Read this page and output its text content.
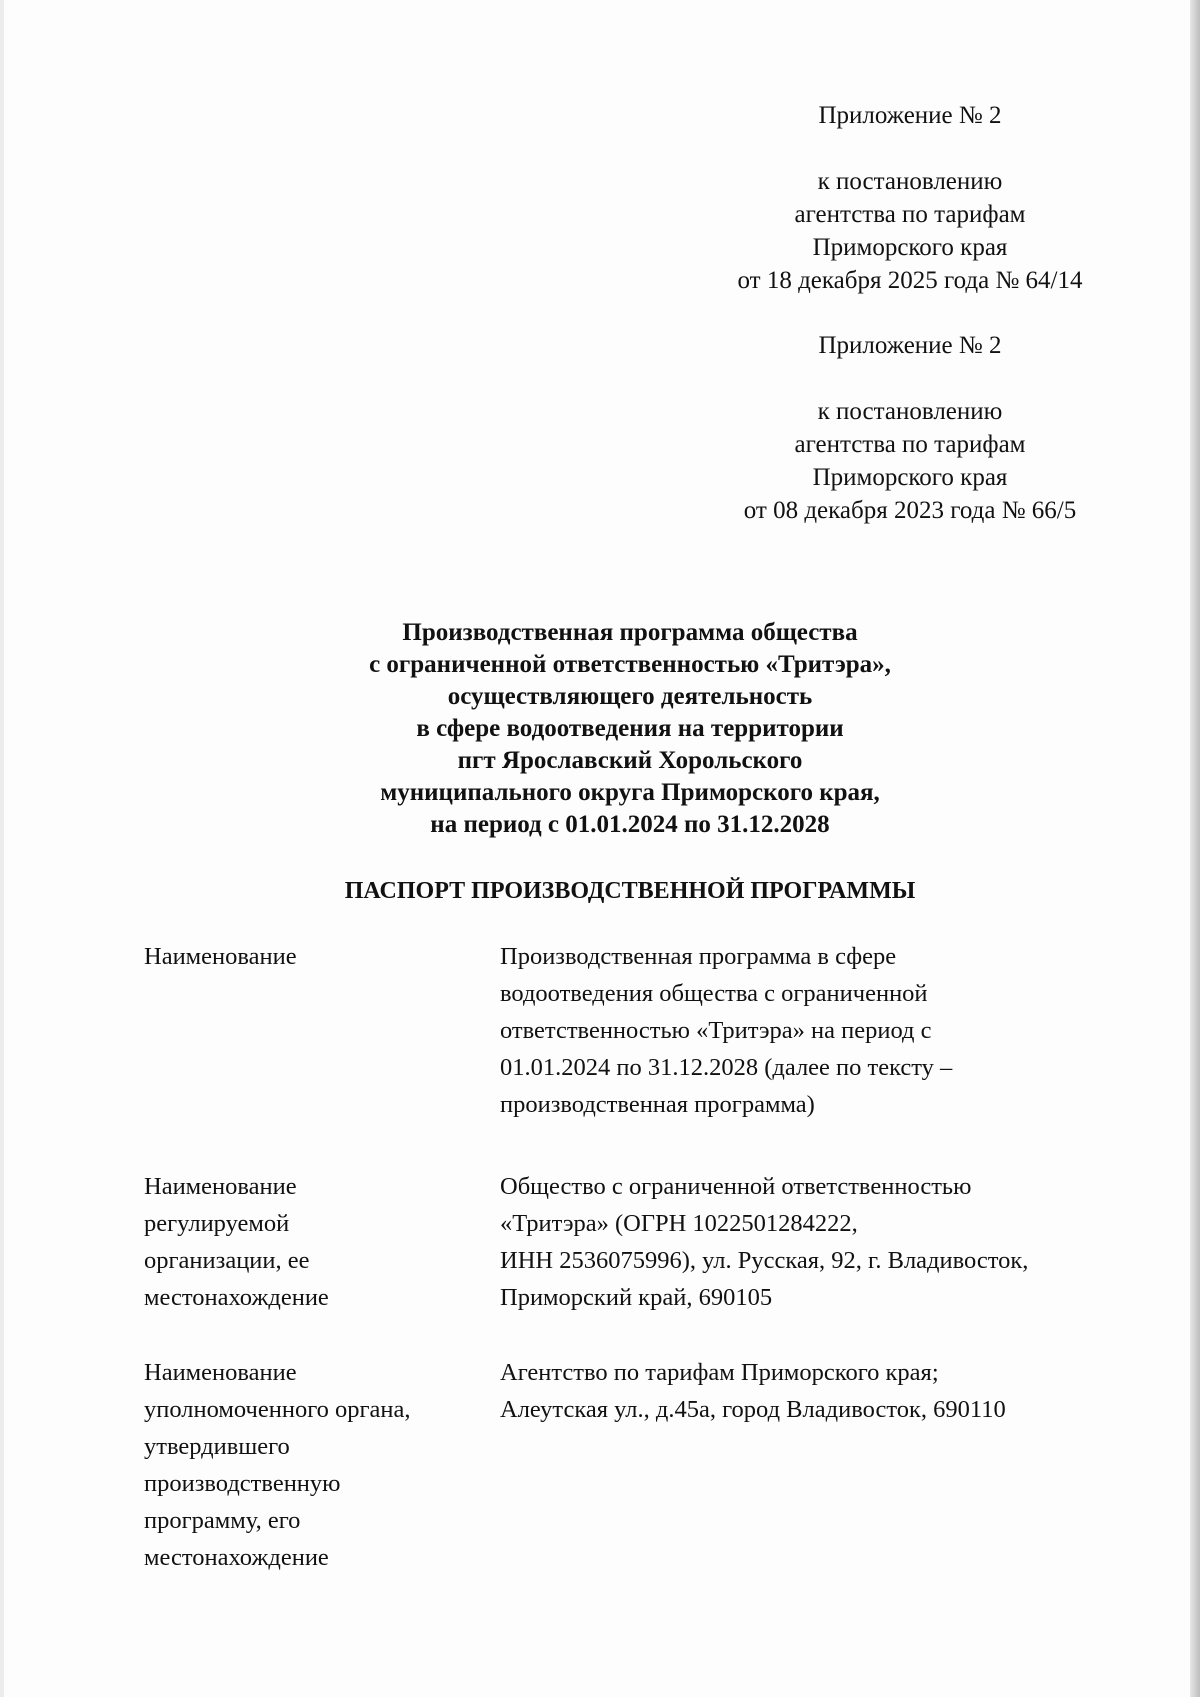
Приложение № 2
к постановлению
агентства по тарифам
Приморского края
от 18 декабря 2025 года № 64/14
Приложение № 2
к постановлению
агентства по тарифам
Приморского края
от 08 декабря 2023 года № 66/5
Производственная программа общества
с ограниченной ответственностью «Тритэра»,
осуществляющего деятельность
в сфере водоотведения на территории
пгт Ярославский Хорольского
муниципального округа Приморского края,
на период с 01.01.2024 по 31.12.2028
ПАСПОРТ ПРОИЗВОДСТВЕННОЙ ПРОГРАММЫ
Наименование	Производственная программа в сфере
водоотведения общества с ограниченной
ответственностью «Тритэра» на период с
01.01.2024 по 31.12.2028 (далее по тексту –
производственная программа)
Наименование
регулируемой
организации, ее
местонахождение
Общество с ограниченной ответственностью
«Тритэра» (ОГРН 1022501284222,
ИНН 2536075996), ул. Русская, 92, г. Владивосток,
Приморский край, 690105
Наименование
уполномоченного органа,
утвердившего
производственную
программу, его
местонахождение
Агентство по тарифам Приморского края;
Алеутская ул., д.45а, город Владивосток, 690110
